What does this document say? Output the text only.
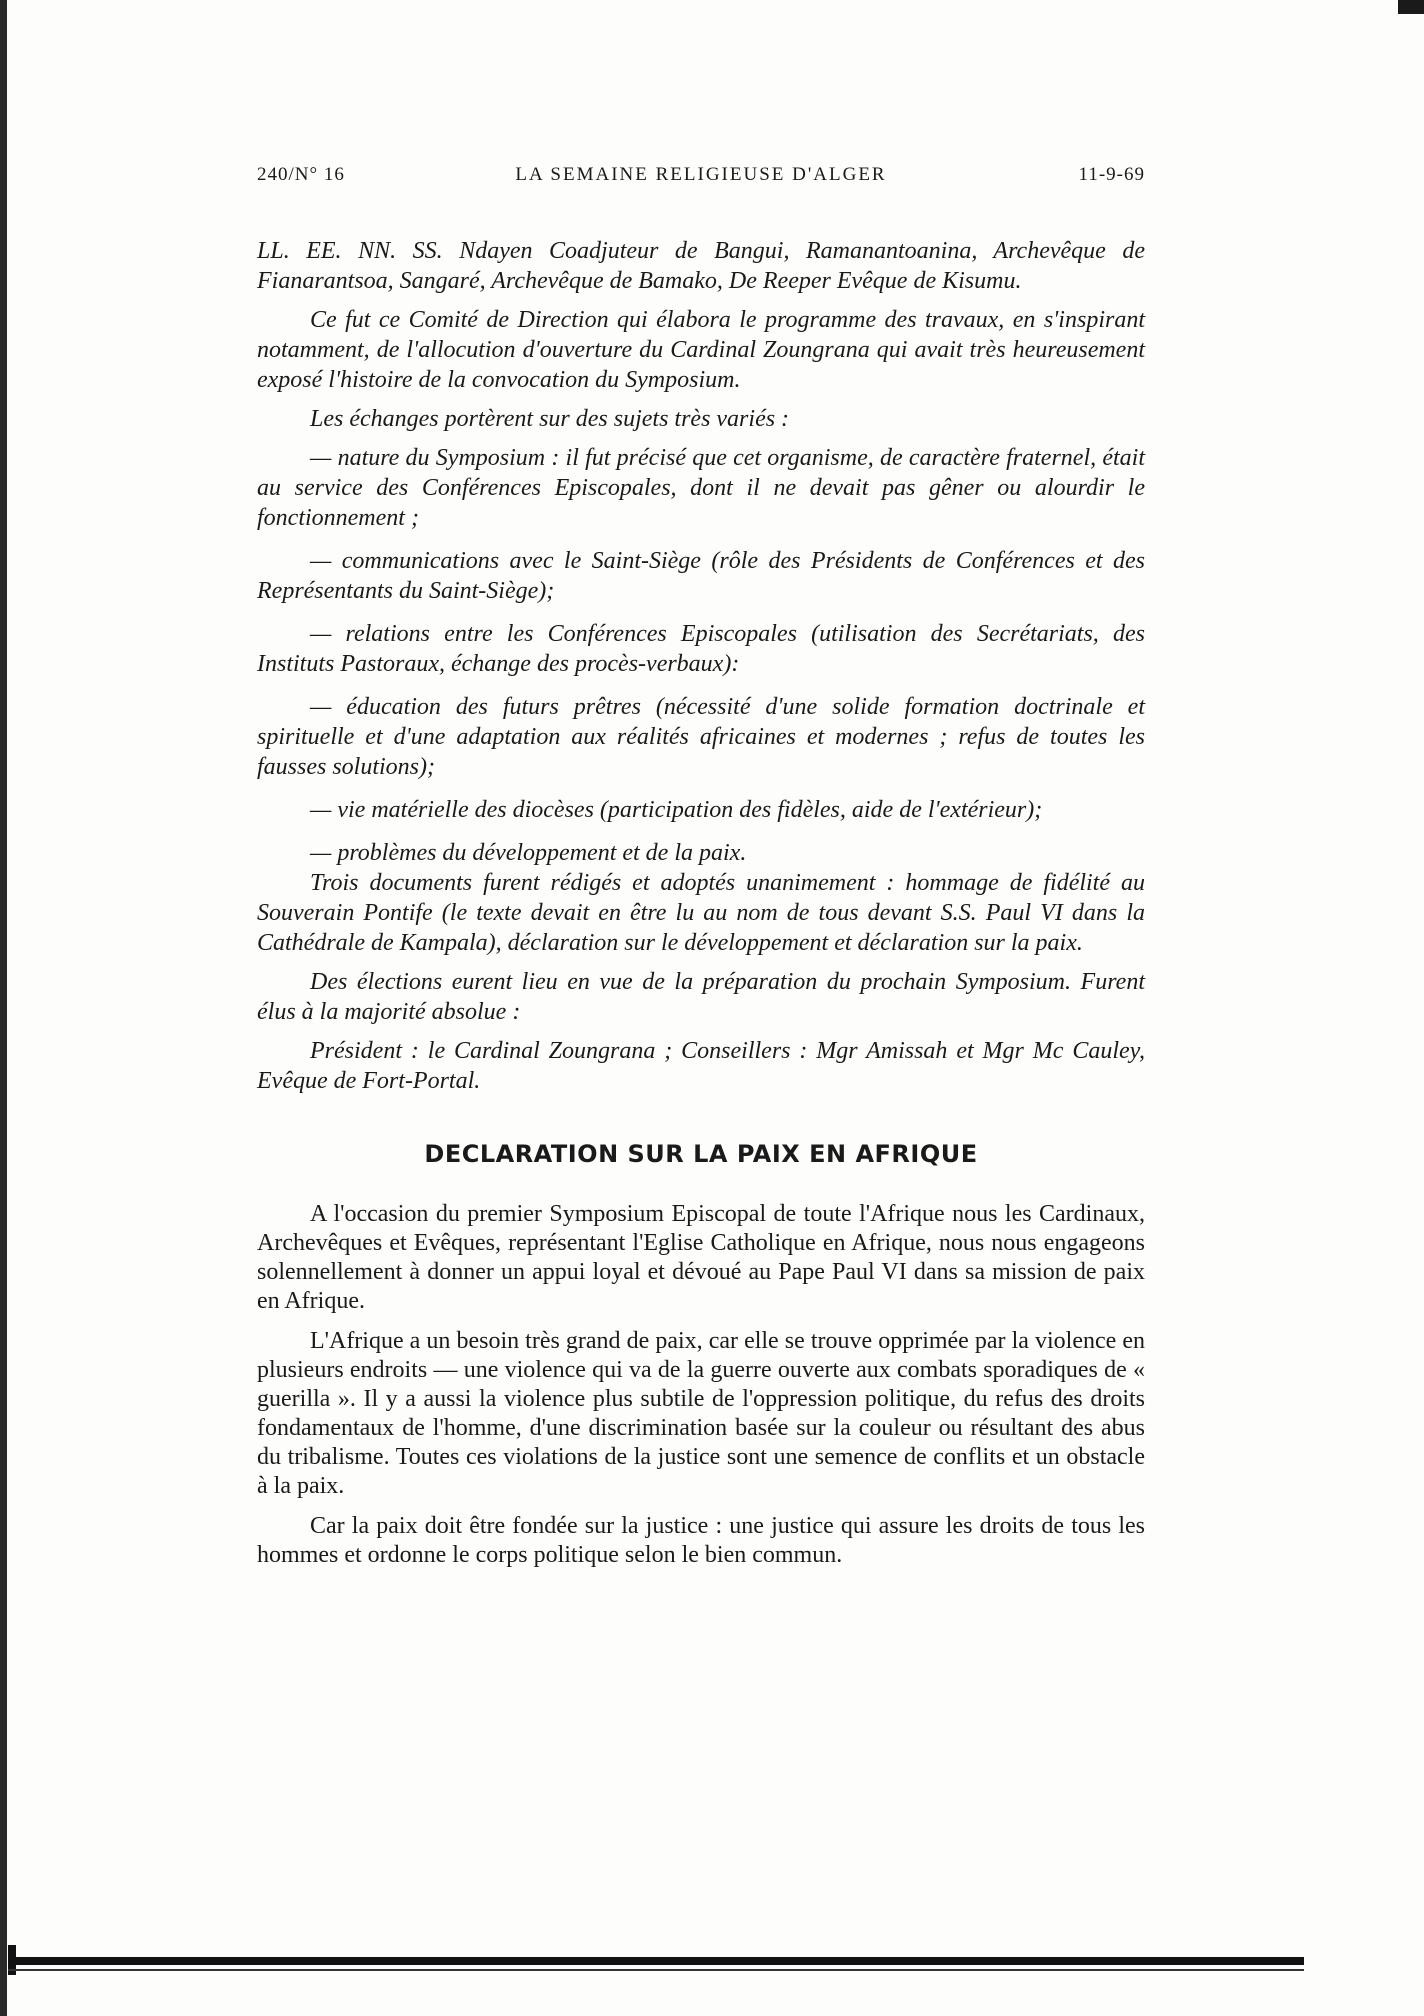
240/N° 16	LA SEMAINE RELIGIEUSE D'ALGER	11-9-69

LL. EE. NN. SS. Ndayen Coadjuteur de Bangui, Ramanantoanina, Archevêque de Fianarantsoa, Sangaré, Archevêque de Bamako, De Reeper Evêque de Kisumu.

Ce fut ce Comité de Direction qui élabora le programme des travaux, en s'inspirant notamment, de l'allocution d'ouverture du Cardinal Zoungrana qui avait très heureusement exposé l'histoire de la convocation du Symposium.

Les échanges portèrent sur des sujets très variés :

— nature du Symposium : il fut précisé que cet organisme, de caractère fraternel, était au service des Conférences Episcopales, dont il ne devait pas gêner ou alourdir le fonctionnement ;

— communications avec le Saint-Siège (rôle des Présidents de Conférences et des Représentants du Saint-Siège);

— relations entre les Conférences Episcopales (utilisation des Secrétariats, des Instituts Pastoraux, échange des procès-verbaux):

— éducation des futurs prêtres (nécessité d'une solide formation doctrinale et spirituelle et d'une adaptation aux réalités africaines et modernes ; refus de toutes les fausses solutions);

— vie matérielle des diocèses (participation des fidèles, aide de l'extérieur);

— problèmes du développement et de la paix.

Trois documents furent rédigés et adoptés unanimement : hommage de fidélité au Souverain Pontife (le texte devait en être lu au nom de tous devant S.S. Paul VI dans la Cathédrale de Kampala), déclaration sur le développement et déclaration sur la paix.

Des élections eurent lieu en vue de la préparation du prochain Symposium. Furent élus à la majorité absolue :

Président : le Cardinal Zoungrana ; Conseillers : Mgr Amissah et Mgr Mc Cauley, Evêque de Fort-Portal.

DECLARATION SUR LA PAIX EN AFRIQUE

A l'occasion du premier Symposium Episcopal de toute l'Afrique nous les Cardinaux, Archevêques et Evêques, représentant l'Eglise Catholique en Afrique, nous nous engageons solennellement à donner un appui loyal et dévoué au Pape Paul VI dans sa mission de paix en Afrique.

L'Afrique a un besoin très grand de paix, car elle se trouve opprimée par la violence en plusieurs endroits — une violence qui va de la guerre ouverte aux combats sporadiques de « guerilla ». Il y a aussi la violence plus subtile de l'oppression politique, du refus des droits fondamentaux de l'homme, d'une discrimination basée sur la couleur ou résultant des abus du tribalisme. Toutes ces violations de la justice sont une semence de conflits et un obstacle à la paix.

Car la paix doit être fondée sur la justice : une justice qui assure les droits de tous les hommes et ordonne le corps politique selon le bien commun.
